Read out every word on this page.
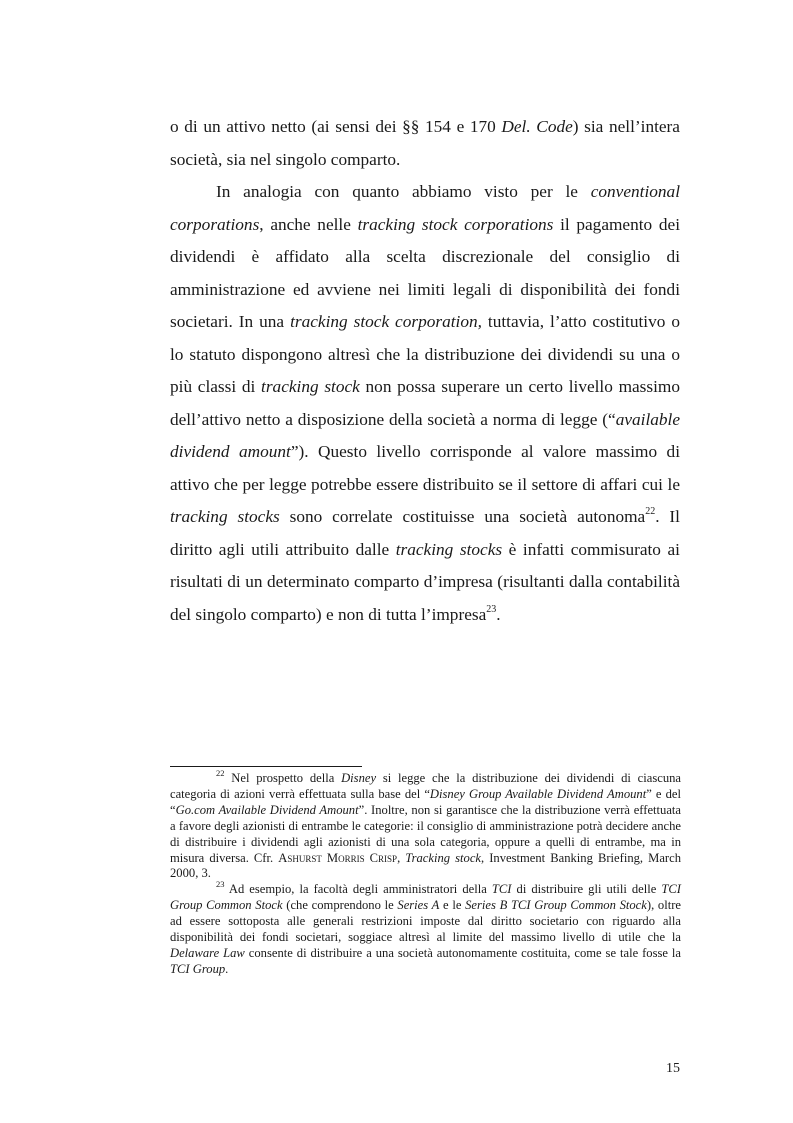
o di un attivo netto (ai sensi dei §§ 154 e 170 Del. Code) sia nell’intera società, sia nel singolo comparto.

In analogia con quanto abbiamo visto per le conventional corporations, anche nelle tracking stock corporations il pagamento dei dividendi è affidato alla scelta discrezionale del consiglio di amministrazione ed avviene nei limiti legali di disponibilità dei fondi societari. In una tracking stock corporation, tuttavia, l’atto costitutivo o lo statuto dispongono altresì che la distribuzione dei dividendi su una o più classi di tracking stock non possa superare un certo livello massimo dell’attivo netto a disposizione della società a norma di legge (“available dividend amount”). Questo livello corrisponde al valore massimo di attivo che per legge potrebbe essere distribuito se il settore di affari cui le tracking stocks sono correlate costituisse una società autonoma$^{22}$. Il diritto agli utili attribuito dalle tracking stocks è infatti commisurato ai risultati di un determinato comparto d’impresa (risultanti dalla contabilità del singolo comparto) e non di tutta l’impresa$^{23}$.

$^{22}$ Nel prospetto della Disney si legge che la distribuzione dei dividendi di ciascuna categoria di azioni verrà effettuata sulla base del “Disney Group Available Dividend Amount” e del “Go.com Available Dividend Amount”. Inoltre, non si garantisce che la distribuzione verrà effettuata a favore degli azionisti di entrambe le categorie: il consiglio di amministrazione potrà decidere anche di distribuire i dividendi agli azionisti di una sola categoria, oppure a quelli di entrambe, ma in misura diversa. Cfr. Ashurst Morris Crisp, Tracking stock, Investment Banking Briefing, March 2000, 3.

$^{23}$ Ad esempio, la facoltà degli amministratori della TCI di distribuire gli utili delle TCI Group Common Stock (che comprendono le Series A e le Series B TCI Group Common Stock), oltre ad essere sottoposta alle generali restrizioni imposte dal diritto societario con riguardo alla disponibilità dei fondi societari, soggiace altresì al limite del massimo livello di utile che la Delaware Law consente di distribuire a una società autonomamente costituita, come se tale fosse la TCI Group.

15
